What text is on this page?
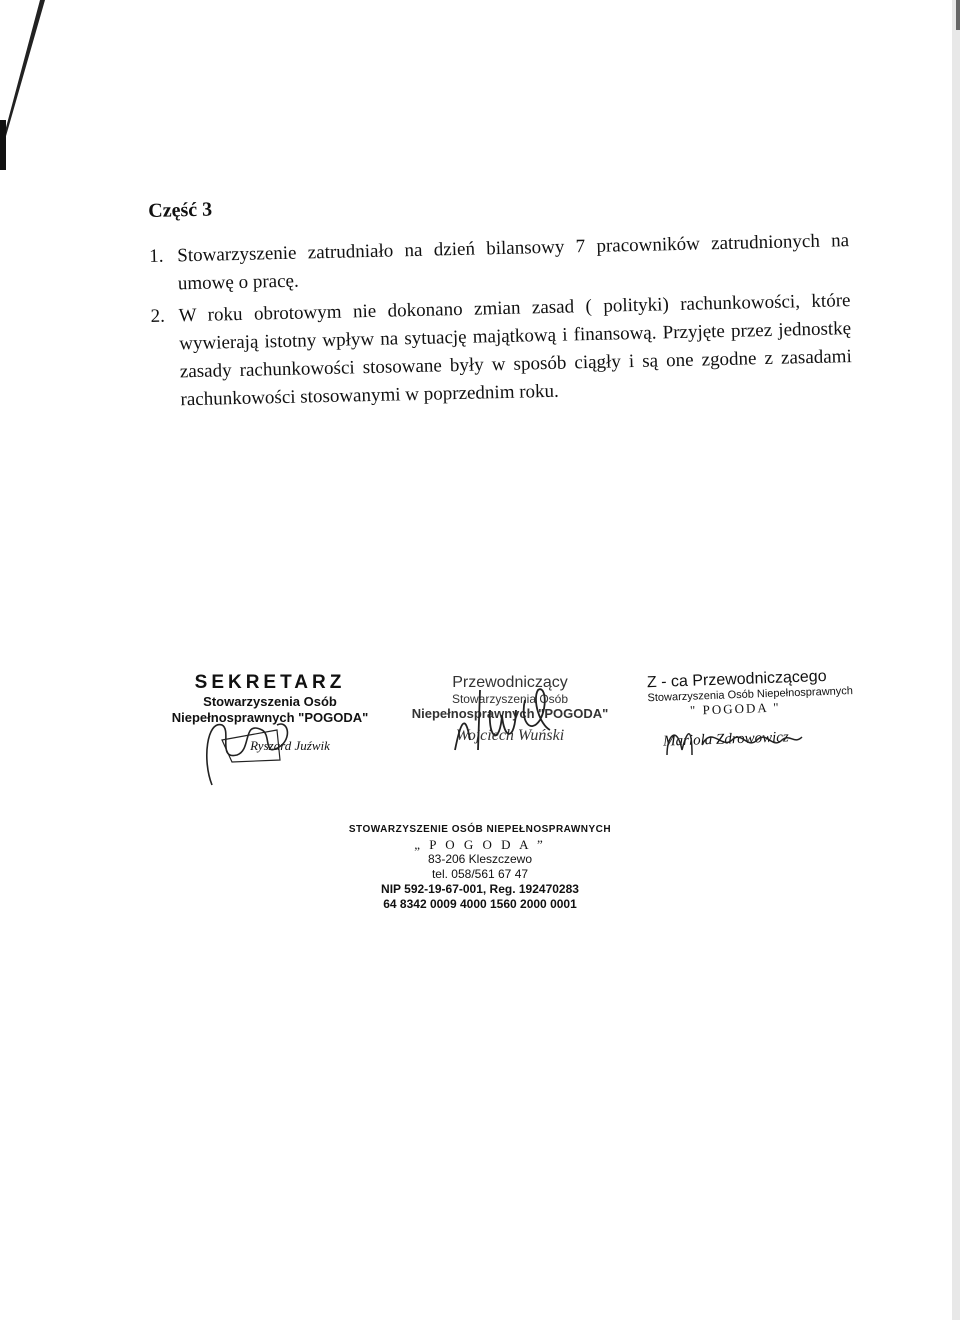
Część 3
1. Stowarzyszenie zatrudniało na dzień bilansowy 7 pracowników zatrudnionych na umowę o pracę.
2. W roku obrotowym nie dokonano zmian zasad ( polityki) rachunkowości, które wywierają istotny wpływ na sytuację majątkową i finansową. Przyjęte przez jednostkę zasady rachunkowości stosowane były w sposób ciągły i są one zgodne z zasadami rachunkowości stosowanymi w poprzednim roku.
SEKRETARZ
Stowarzyszenia Osób
Niepełnosprawnych "POGODA"
Ryszard Juźwik
Przewodniczący
Stowarzyszenia Osób
Niepełnosprawnych "POGODA"
Wojciech Wuński
Z - ca Przewodniczącego
Stowarzyszenia Osób Niepełnosprawnych
" POGODA "
Mariola Zdrowowicz
STOWARZYSZENIE OSÓB NIEPEŁNOSPRAWNYCH
„ P O G O D A ”
83-206 Kleszczewo
tel. 058/561 67 47
NIP 592-19-67-001, Reg. 192470283
64 8342 0009 4000 1560 2000 0001
